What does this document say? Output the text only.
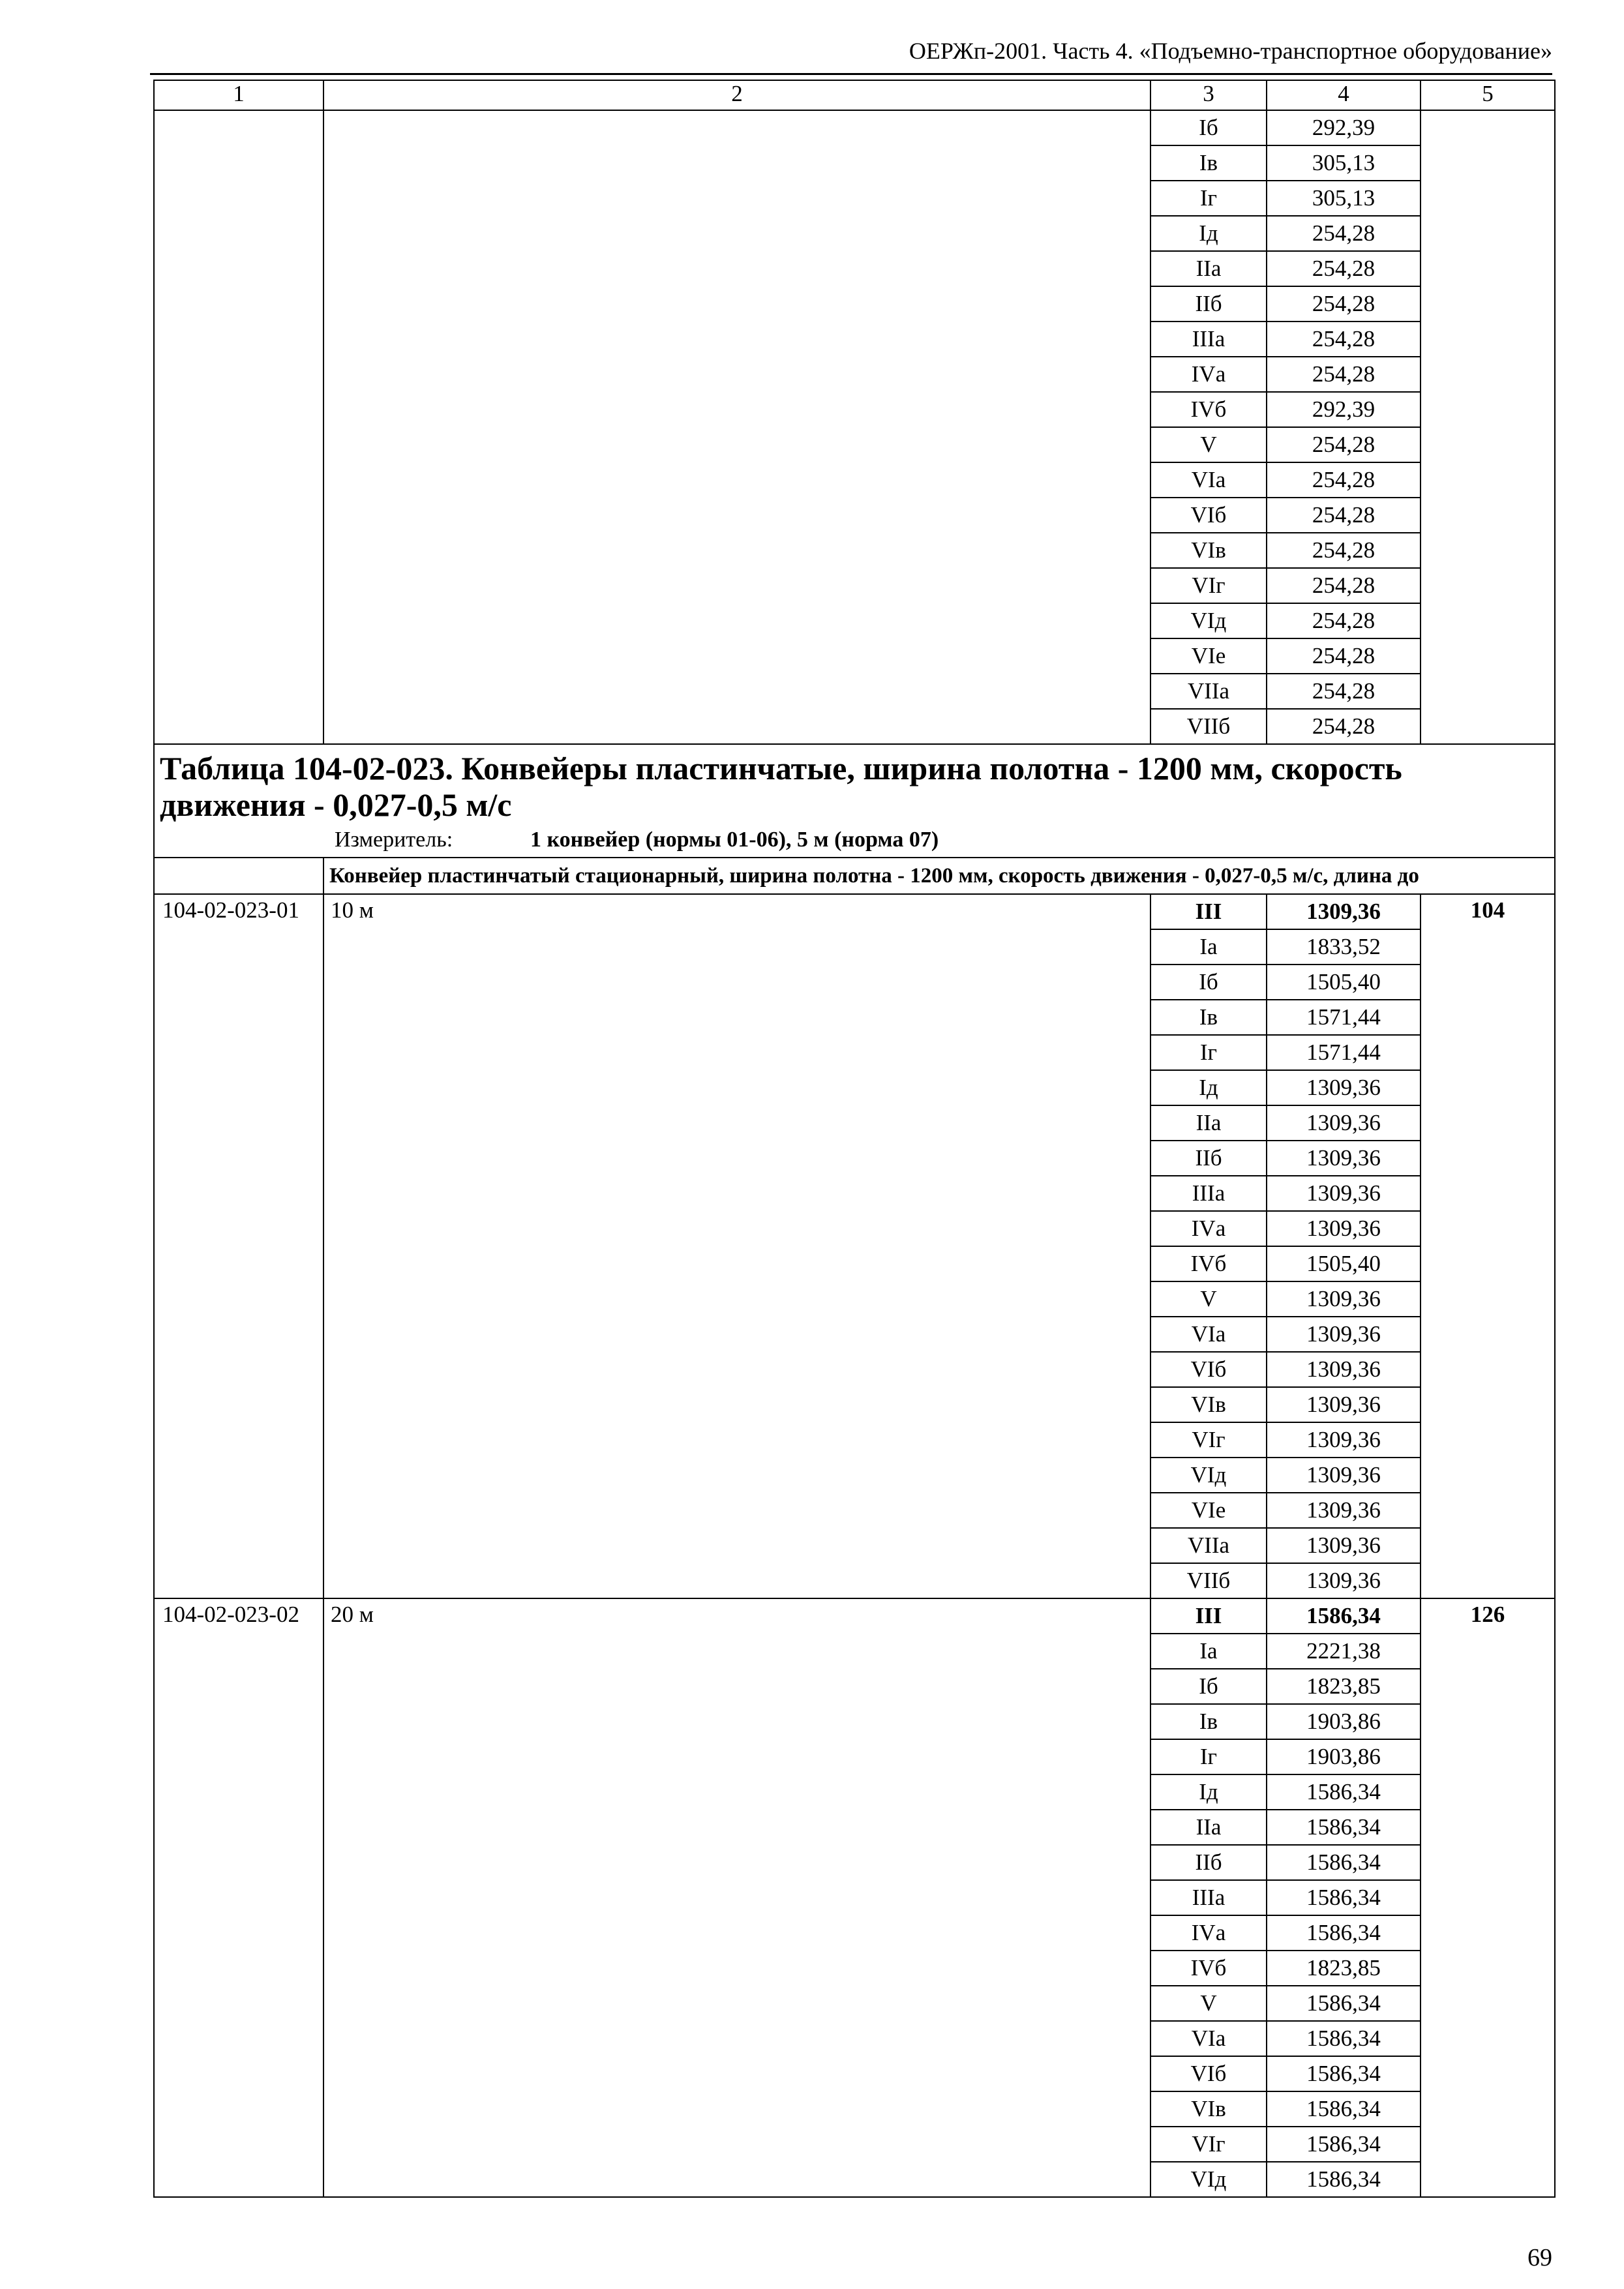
ОЕРЖп-2001. Часть 4. «Подъемно-транспортное оборудование»
1	2	3	4	5
		Iб	292,39	
		Iв	305,13	
		Iг	305,13	
		Iд	254,28	
		IIа	254,28	
		IIб	254,28	
		IIIа	254,28	
		IVа	254,28	
		IVб	292,39	
		V	254,28	
		VIа	254,28	
		VIб	254,28	
		VIв	254,28	
		VIг	254,28	
		VIд	254,28	
		VIе	254,28	
		VIIа	254,28	
		VIIб	254,28	

Таблица 104-02-023. Конвейеры пластинчатые, ширина полотна - 1200 мм, скорость движения - 0,027-0,5 м/с
Измеритель: 1 конвейер (нормы 01-06), 5 м (норма 07)				

	Конвейер пластинчатый стационарный, ширина полотна - 1200 мм, скорость движения - 0,027-0,5 м/с, длина до			
104-02-023-01	10 м	III	1309,36	104
		Iа	1833,52	
		Iб	1505,40	
		Iв	1571,44	
		Iг	1571,44	
		Iд	1309,36	
		IIа	1309,36	
		IIб	1309,36	
		IIIа	1309,36	
		IVа	1309,36	
		IVб	1505,40	
		V	1309,36	
		VIа	1309,36	
		VIб	1309,36	
		VIв	1309,36	
		VIг	1309,36	
		VIд	1309,36	
		VIе	1309,36	
		VIIа	1309,36	
		VIIб	1309,36	
104-02-023-02	20 м	III	1586,34	126
		Iа	2221,38	
		Iб	1823,85	
		Iв	1903,86	
		Iг	1903,86	
		Iд	1586,34	
		IIа	1586,34	
		IIб	1586,34	
		IIIа	1586,34	
		IVа	1586,34	
		IVб	1823,85	
		V	1586,34	
		VIа	1586,34	
		VIб	1586,34	
		VIв	1586,34	
		VIг	1586,34	
		VIд	1586,34	
69
